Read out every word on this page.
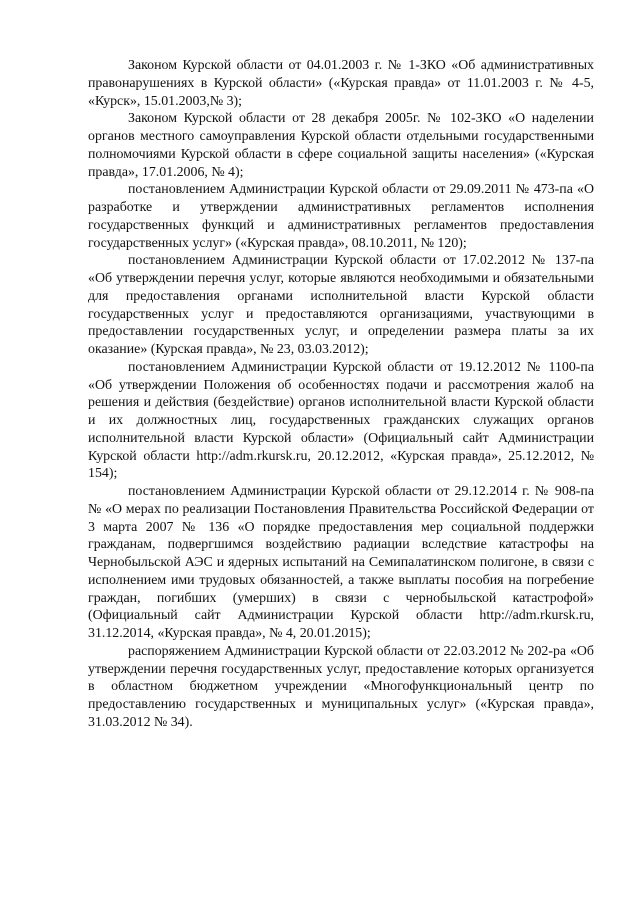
Законом Курской области от 04.01.2003 г. № 1-ЗКО «Об административных правонарушениях в Курской области» («Курская правда» от 11.01.2003 г. № 4-5, «Курск», 15.01.2003,№ 3);

Законом Курской области от 28 декабря 2005г. № 102-ЗКО «О наделении органов местного самоуправления Курской области отдельными государственными полномочиями Курской области в сфере социальной защиты населения» («Курская правда», 17.01.2006, № 4);

постановлением Администрации Курской области от 29.09.2011 № 473-па «О разработке и утверждении административных регламентов исполнения государственных функций и административных регламентов предоставления государственных услуг» («Курская правда», 08.10.2011, № 120);

постановлением Администрации Курской области от 17.02.2012 № 137-па «Об утверждении перечня услуг, которые являются необходимыми и обязательными для предоставления органами исполнительной власти Курской области государственных услуг и предоставляются организациями, участвующими в предоставлении государственных услуг, и определении размера платы за их оказание» (Курская правда», № 23, 03.03.2012);

постановлением Администрации Курской области от 19.12.2012 № 1100-па «Об утверждении Положения об особенностях подачи и рассмотрения жалоб на решения и действия (бездействие) органов исполнительной власти Курской области и их должностных лиц, государственных гражданских служащих органов исполнительной власти Курской области» (Официальный сайт Администрации Курской области http://adm.rkursk.ru, 20.12.2012, «Курская правда», 25.12.2012, № 154);

постановлением Администрации Курской области от 29.12.2014 г. № 908-па № «О мерах по реализации Постановления Правительства Российской Федерации от 3 марта 2007 № 136 «О порядке предоставления мер социальной поддержки гражданам, подвергшимся воздействию радиации вследствие катастрофы на Чернобыльской АЭС и ядерных испытаний на Семипалатинском полигоне, в связи с исполнением ими трудовых обязанностей, а также выплаты пособия на погребение граждан, погибших (умерших) в связи с чернобыльской катастрофой» (Официальный сайт Администрации Курской области http://adm.rkursk.ru, 31.12.2014, «Курская правда», № 4, 20.01.2015);

распоряжением Администрации Курской области от 22.03.2012 № 202-ра «Об утверждении перечня государственных услуг, предоставление которых организуется в областном бюджетном учреждении «Многофункциональный центр по предоставлению государственных и муниципальных услуг» («Курская правда», 31.03.2012 № 34).
